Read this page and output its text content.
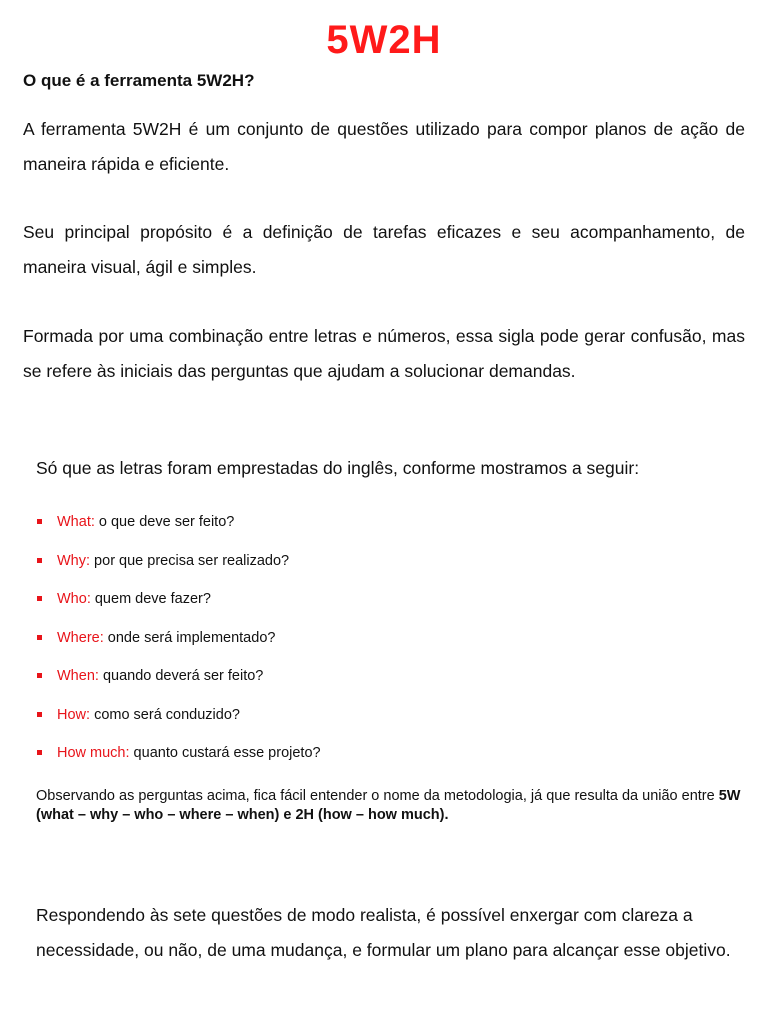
5W2H

O que é a ferramenta 5W2H?

A ferramenta 5W2H é um conjunto de questões utilizado para compor planos de ação de maneira rápida e eficiente.

Seu principal propósito é a definição de tarefas eficazes e seu acompanhamento, de maneira visual, ágil e simples.

Formada por uma combinação entre letras e números, essa sigla pode gerar confusão, mas se refere às iniciais das perguntas que ajudam a solucionar demandas.

Só que as letras foram emprestadas do inglês, conforme mostramos a seguir:

What: o que deve ser feito?
Why: por que precisa ser realizado?
Who: quem deve fazer?
Where: onde será implementado?
When: quando deverá ser feito?
How: como será conduzido?
How much: quanto custará esse projeto?

Observando as perguntas acima, fica fácil entender o nome da metodologia, já que resulta da união entre 5W (what – why – who – where – when) e 2H (how – how much).

Respondendo às sete questões de modo realista, é possível enxergar com clareza a necessidade, ou não, de uma mudança, e formular um plano para alcançar esse objetivo.
